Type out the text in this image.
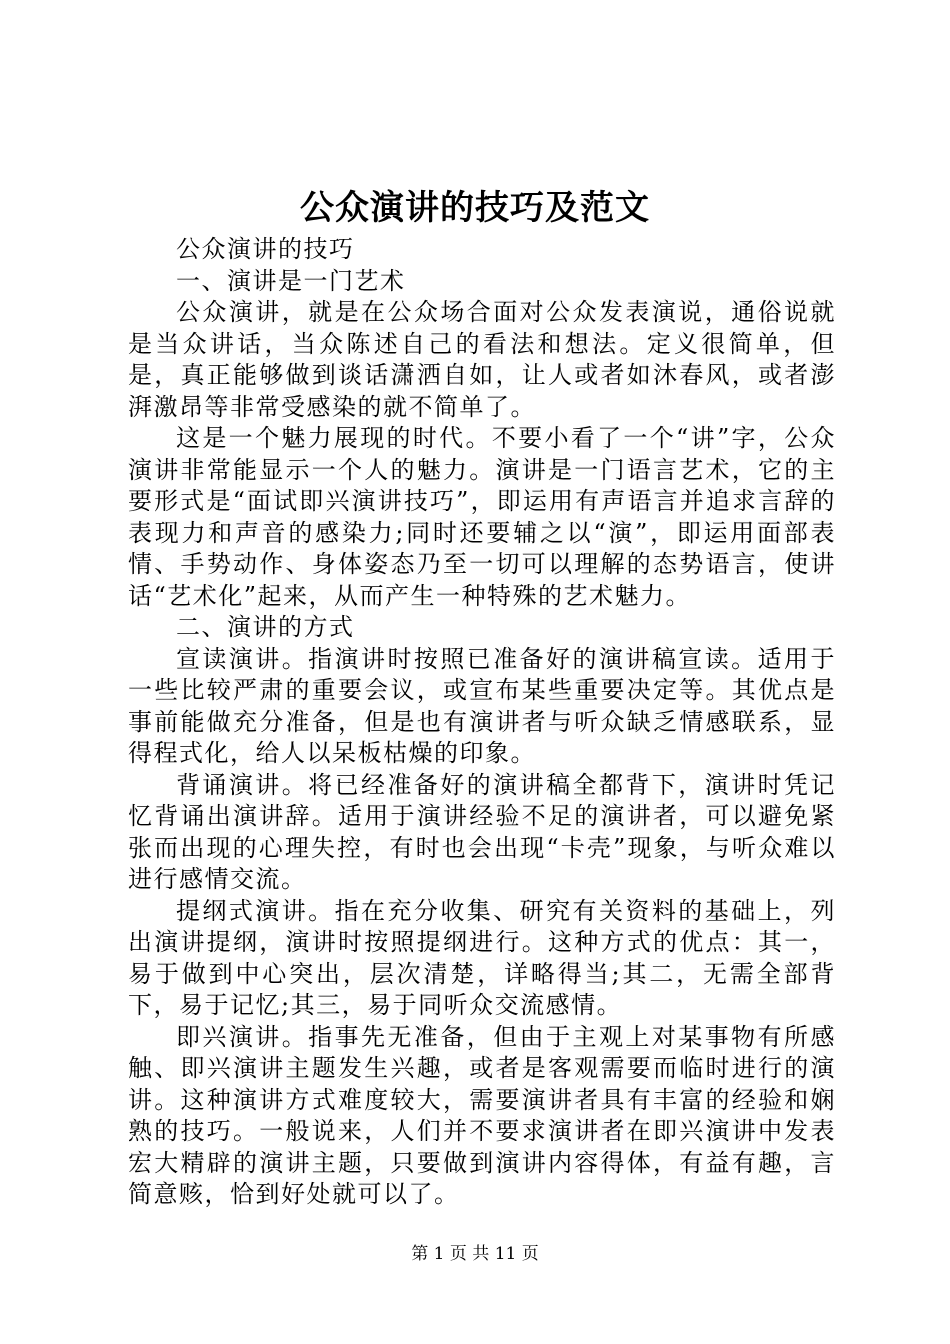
公众演讲的技巧及范文

公众演讲的技巧

一、演讲是一门艺术

公众演讲，就是在公众场合面对公众发表演说，通俗说就是当众讲话，当众陈述自己的看法和想法。定义很简单，但是，真正能够做到谈话潇洒自如，让人或者如沐春风，或者澎湃激昂等非常受感染的就不简单了。

这是一个魅力展现的时代。不要小看了一个“讲”字，公众演讲非常能显示一个人的魅力。演讲是一门语言艺术，它的主要形式是“面试即兴演讲技巧”，即运用有声语言并追求言辞的表现力和声音的感染力;同时还要辅之以“演”，即运用面部表情、手势动作、身体姿态乃至一切可以理解的态势语言，使讲话“艺术化”起来，从而产生一种特殊的艺术魅力。

二、演讲的方式

宣读演讲。指演讲时按照已准备好的演讲稿宣读。适用于一些比较严肃的重要会议，或宣布某些重要决定等。其优点是事前能做充分准备，但是也有演讲者与听众缺乏情感联系，显得程式化，给人以呆板枯燥的印象。

背诵演讲。将已经准备好的演讲稿全都背下，演讲时凭记忆背诵出演讲辞。适用于演讲经验不足的演讲者，可以避免紧张而出现的心理失控，有时也会出现“卡壳”现象，与听众难以进行感情交流。

提纲式演讲。指在充分收集、研究有关资料的基础上，列出演讲提纲，演讲时按照提纲进行。这种方式的优点：其一，易于做到中心突出，层次清楚，详略得当;其二，无需全部背下，易于记忆;其三，易于同听众交流感情。

即兴演讲。指事先无准备，但由于主观上对某事物有所感触、即兴演讲主题发生兴趣，或者是客观需要而临时进行的演讲。这种演讲方式难度较大，需要演讲者具有丰富的经验和娴熟的技巧。一般说来，人们并不要求演讲者在即兴演讲中发表宏大精辟的演讲主题，只要做到演讲内容得体，有益有趣，言简意赅，恰到好处就可以了。

第 1 页 共 11 页
